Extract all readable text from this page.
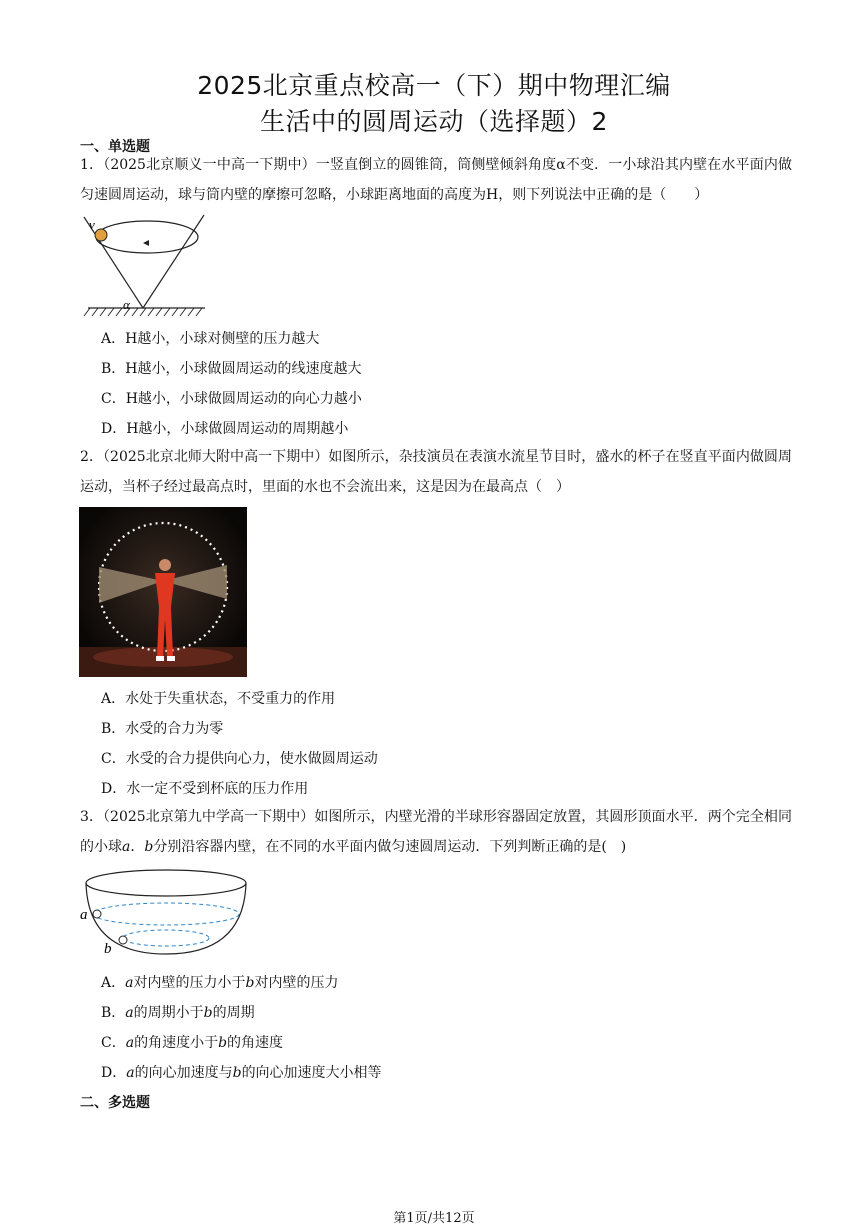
2025北京重点校高一（下）期中物理汇编
生活中的圆周运动（选择题）2
一、单选题
1．（2025北京顺义一中高一下期中）一竖直倒立的圆锥筒，筒侧壁倾斜角度α不变．一小球沿其内壁在水平面内做匀速圆周运动，球与筒内壁的摩擦可忽略，小球距离地面的高度为H，则下列说法中正确的是（　　）
v
α
A．H越小，小球对侧壁的压力越大
B．H越小，小球做圆周运动的线速度越大
C．H越小，小球做圆周运动的向心力越小
D．H越小，小球做圆周运动的周期越小
2．（2025北京北师大附中高一下期中）如图所示，杂技演员在表演水流星节目时，盛水的杯子在竖直平面内做圆周运动，当杯子经过最高点时，里面的水也不会流出来，这是因为在最高点（　）
A．水处于失重状态，不受重力的作用
B．水受的合力为零
C．水受的合力提供向心力，使水做圆周运动
D．水一定不受到杯底的压力作用
3．（2025北京第九中学高一下期中）如图所示，内壁光滑的半球形容器固定放置，其圆形顶面水平．两个完全相同的小球a．b分别沿容器内壁，在不同的水平面内做匀速圆周运动．下列判断正确的是(　)
a
b
A．a对内壁的压力小于b对内壁的压力
B．a的周期小于b的周期
C．a的角速度小于b的角速度
D．a的向心加速度与b的向心加速度大小相等
二、多选题
第1页/共12页
